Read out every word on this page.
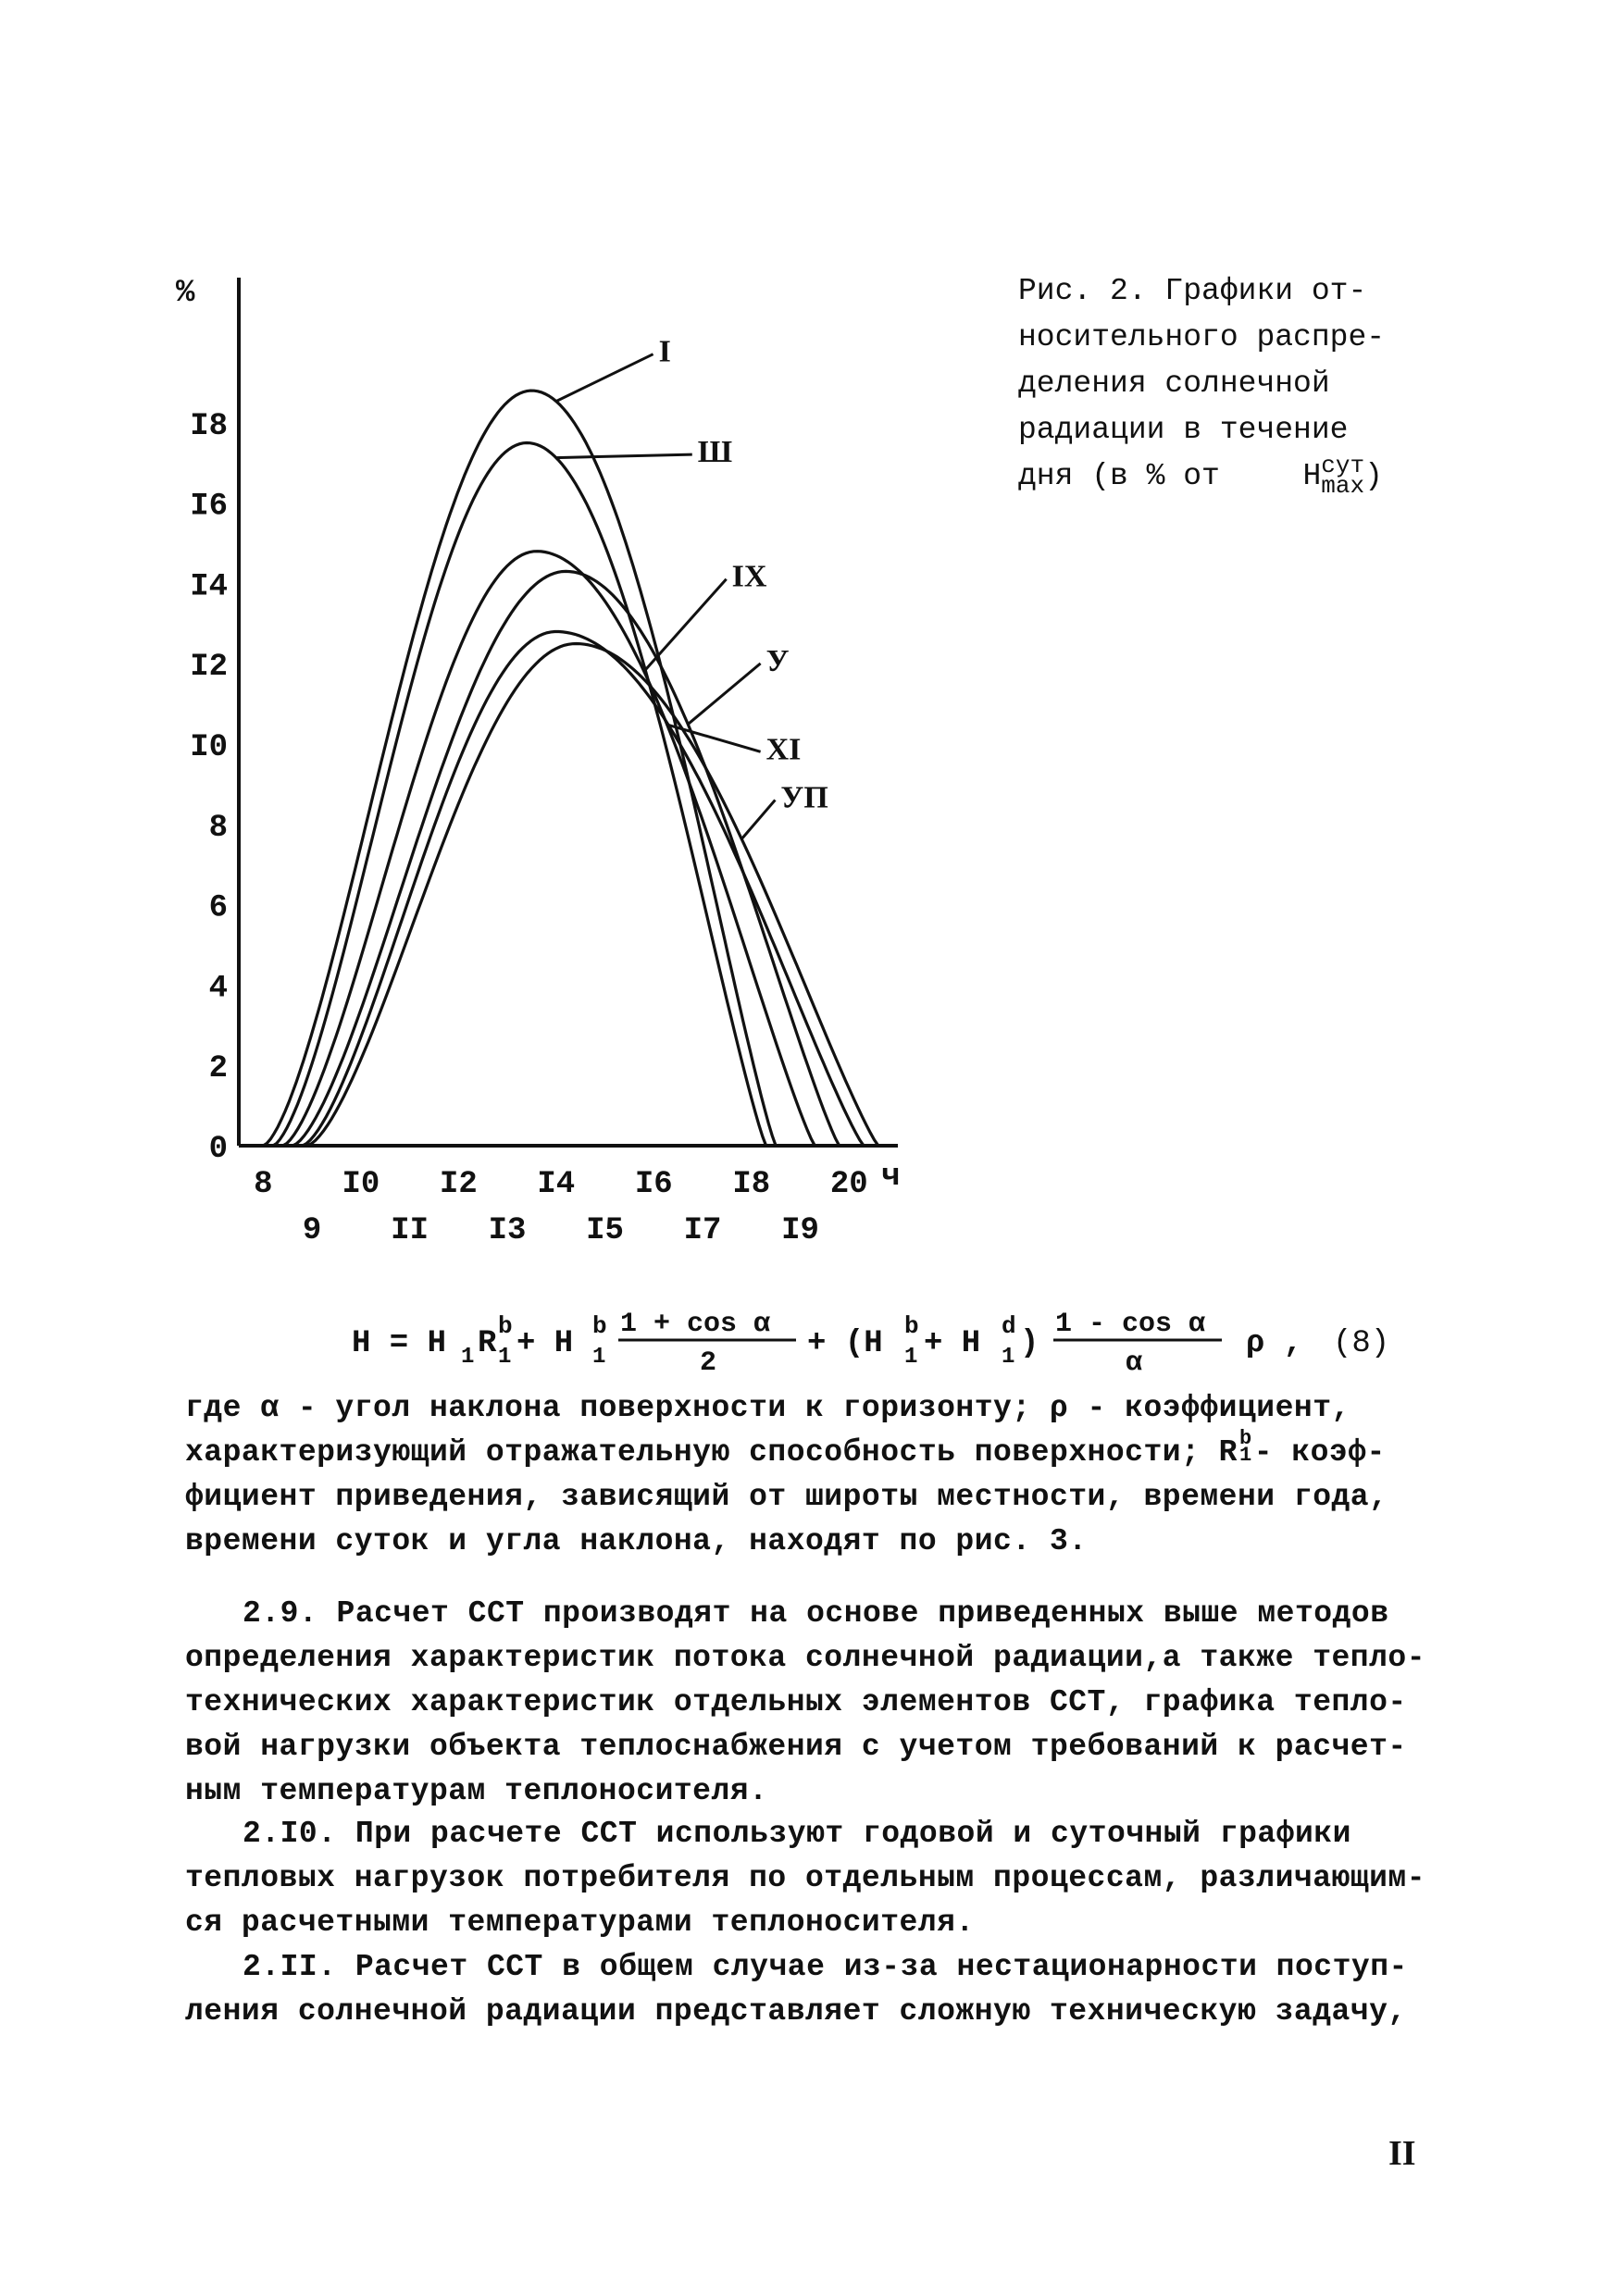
0
2
4
6
8
I0
I2
I4
I6
I8
8 I0 I2 I4 I6 I8 20
9 II I3 I5 I7 I9
I
Ш
IX
У
XI
УП
%
ч
Рис. 2. Графики от-
носительного распре-
деления солнечной
радиации в течение
дня (в % от	H сут
max )
H = H 1 R b
1 + H b
1
1 + cos α
2
+ (H b
1 + H d
1 )
1 - cos α
α
ρ , (8)
где α - угол наклона поверхности к горизонту; ρ - коэффициент,
характеризующий отражательную способность поверхности; R b
1 - коэф-
фициент приведения, зависящий от широты местности, времени года,
времени суток и угла наклона, находят по рис. 3.
2.9. Расчет ССТ производят на основе приведенных выше методов
определения характеристик потока солнечной радиации,а также тепло-
технических характеристик отдельных элементов ССТ, графика тепло-
вой нагрузки объекта теплоснабжения с учетом требований к расчет-
ным температурам теплоносителя.
2.I0. При расчете ССТ используют годовой и суточный графики
тепловых нагрузок потребителя по отдельным процессам, различающим-
ся расчетными температурами теплоносителя.
2.II. Расчет ССТ в общем случае из-за нестационарности поступ-
ления солнечной радиации представляет сложную техническую задачу,
II
